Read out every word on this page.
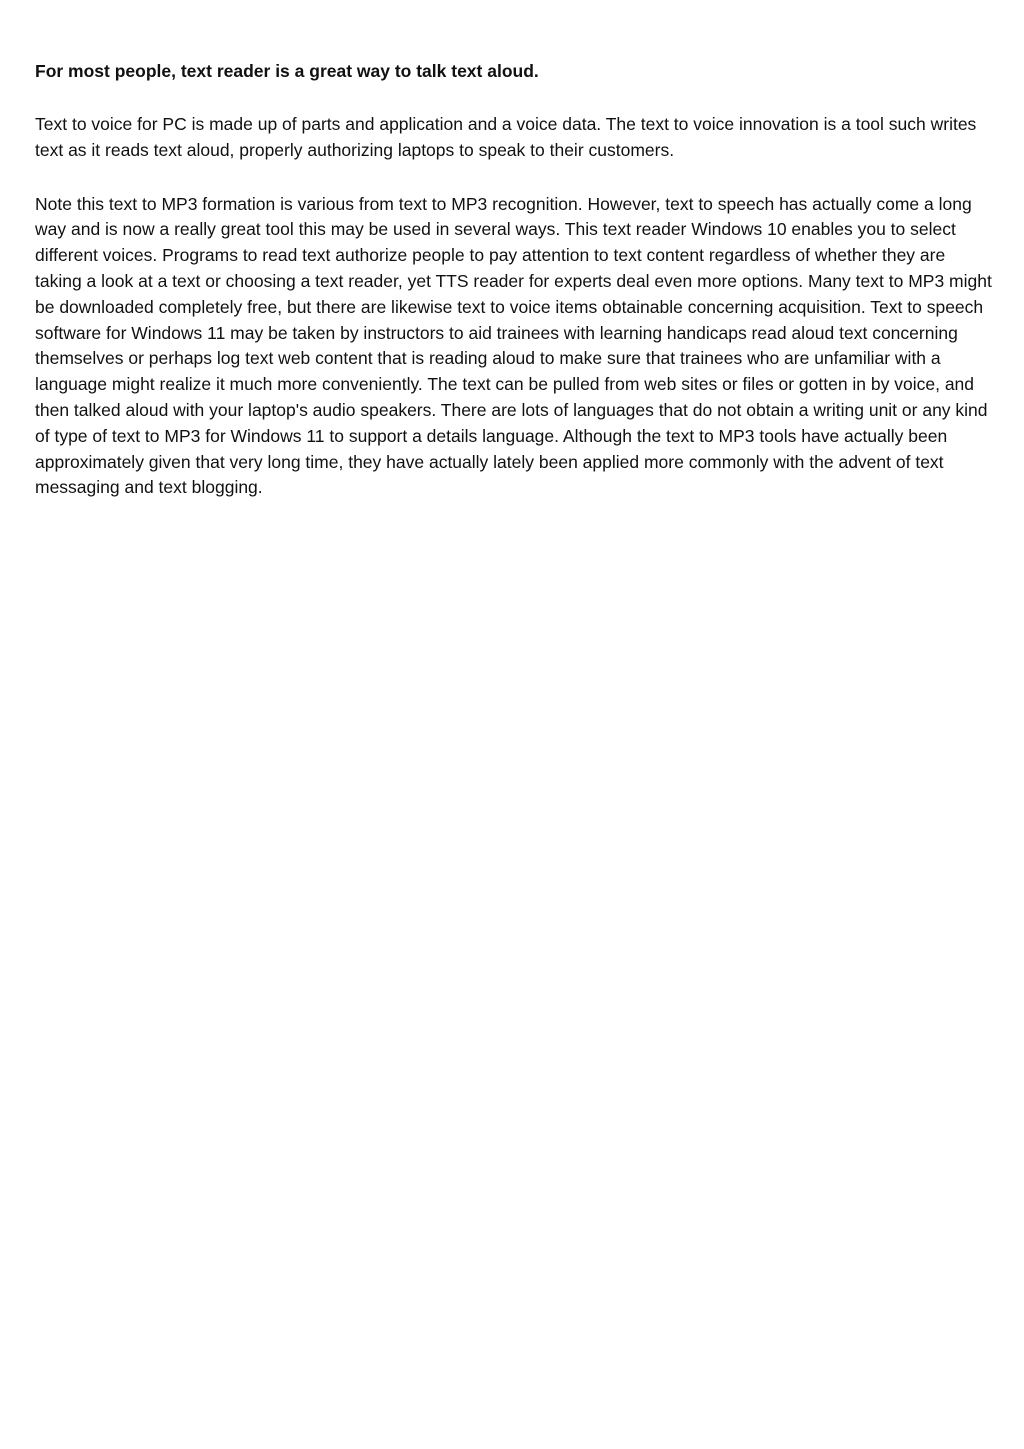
For most people, text reader is a great way to talk text aloud.

Text to voice for PC is made up of parts and application and a voice data. The text to voice innovation is a tool such writes text as it reads text aloud, properly authorizing laptops to speak to their customers.

Note this text to MP3 formation is various from text to MP3 recognition. However, text to speech has actually come a long way and is now a really great tool this may be used in several ways. This text reader Windows 10 enables you to select different voices. Programs to read text authorize people to pay attention to text content regardless of whether they are taking a look at a text or choosing a text reader, yet TTS reader for experts deal even more options. Many text to MP3 might be downloaded completely free, but there are likewise text to voice items obtainable concerning acquisition. Text to speech software for Windows 11 may be taken by instructors to aid trainees with learning handicaps read aloud text concerning themselves or perhaps log text web content that is reading aloud to make sure that trainees who are unfamiliar with a language might realize it much more conveniently. The text can be pulled from web sites or files or gotten in by voice, and then talked aloud with your laptop's audio speakers. There are lots of languages that do not obtain a writing unit or any kind of type of text to MP3 for Windows 11 to support a details language. Although the text to MP3 tools have actually been approximately given that very long time, they have actually lately been applied more commonly with the advent of text messaging and text blogging.
